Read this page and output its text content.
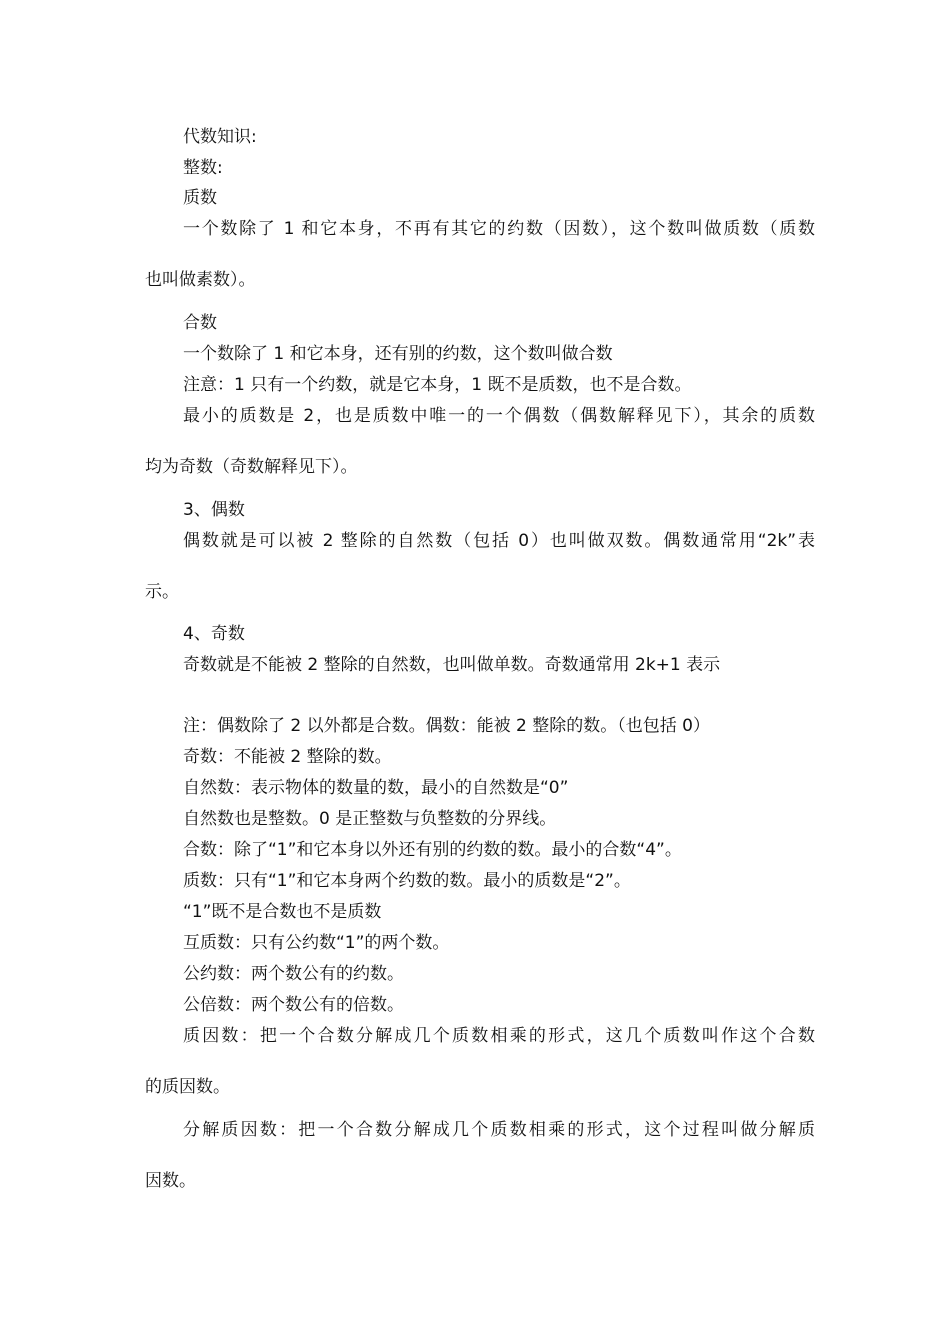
代数知识:
整数:
质数
一个数除了 1 和它本身，不再有其它的约数（因数），这个数叫做质数（质数
也叫做素数）。
合数
一个数除了 1 和它本身，还有别的约数，这个数叫做合数
注意：1 只有一个约数，就是它本身，1 既不是质数，也不是合数。
最小的质数是 2，也是质数中唯一的一个偶数（偶数解释见下），其余的质数
均为奇数（奇数解释见下）。
3、偶数
偶数就是可以被 2 整除的自然数（包括 0）也叫做双数。偶数通常用“2k”表
示。
4、奇数
奇数就是不能被 2 整除的自然数，也叫做单数。奇数通常用 2k+1 表示
注：偶数除了 2 以外都是合数。偶数：能被 2 整除的数。（也包括 0）
奇数：不能被 2 整除的数。
自然数：表示物体的数量的数，最小的自然数是“0”
自然数也是整数。0 是正整数与负整数的分界线。
合数：除了“1”和它本身以外还有别的约数的数。最小的合数“4”。
质数：只有“1”和它本身两个约数的数。最小的质数是“2”。
“1”既不是合数也不是质数
互质数：只有公约数“1”的两个数。
公约数：两个数公有的约数。
公倍数：两个数公有的倍数。
质因数：把一个合数分解成几个质数相乘的形式，这几个质数叫作这个合数
的质因数。
分解质因数：把一个合数分解成几个质数相乘的形式，这个过程叫做分解质
因数。
